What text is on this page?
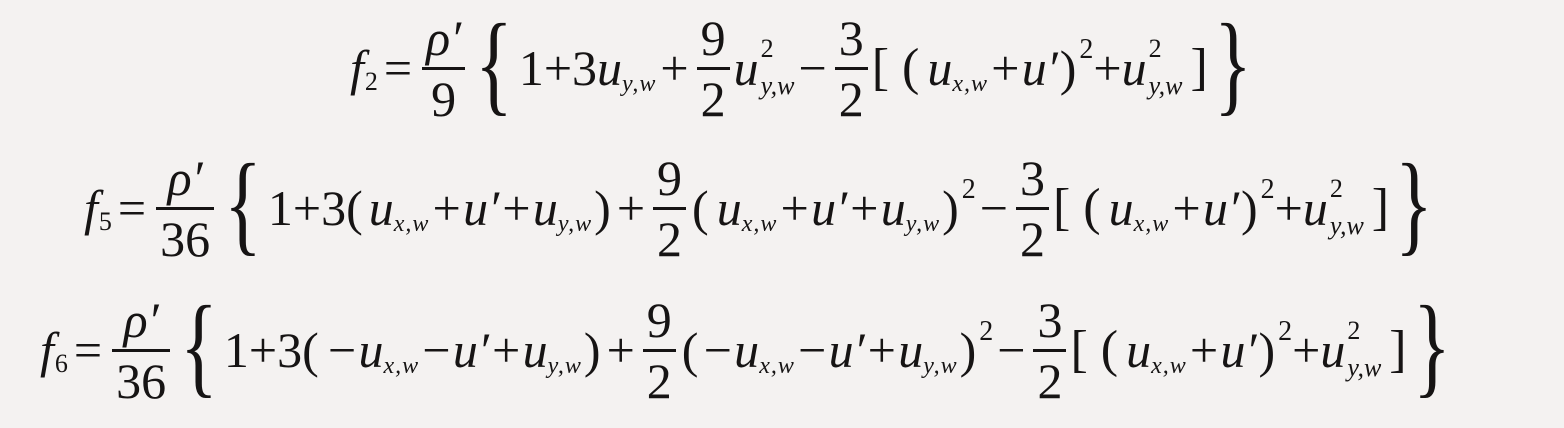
f $2 = \frac{\rho'}{9}$ { 1+3 u $y,w + \frac{9}{2}$ u 2
$y,w - \frac{3}{2}$ [ ( u x,w +u′ ) 2 + u 2
y,w ] }
f $5 = \frac{\rho'}{36}$ { 1+3( u x,w +u′+ u y,w ) + $\frac{9}{2}$ ( u x,w +u′+ u y,w ) $2 - \frac{3}{2}$ [ ( u x,w +u′ ) 2 + u 2
y,w ] }
f $6 = \frac{\rho'}{36}$ { 1+3( −u x,w −u′+u y,w ) + $\frac{9}{2}$ ( −u x,w −u′+u y,w ) $2 - \frac{3}{2}$ [ ( u x,w +u′ ) 2 + u 2
y,w ] }
